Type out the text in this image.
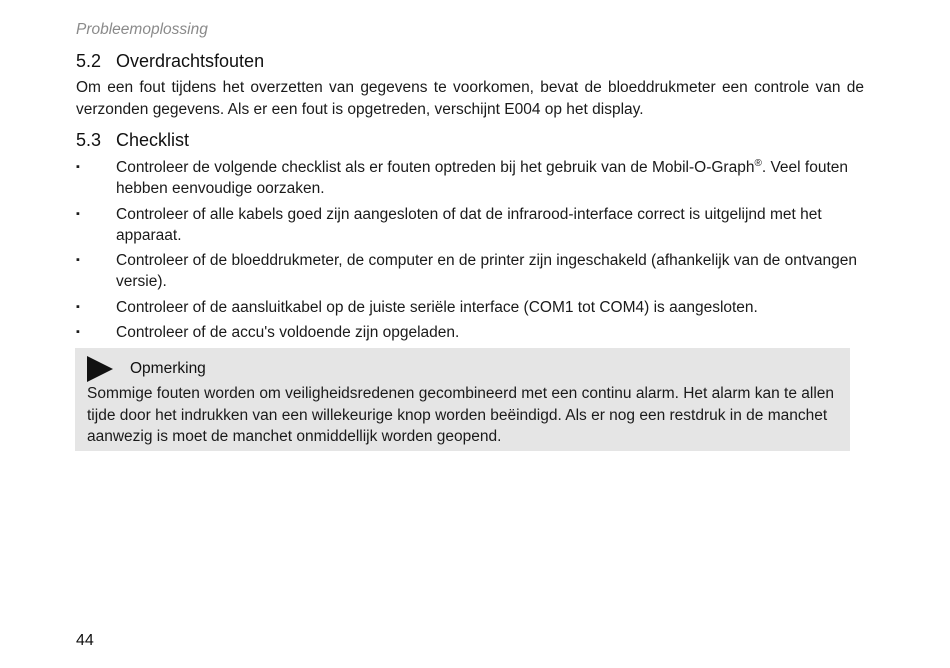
Probleemoplossing
5.2 Overdrachtsfouten
Om een fout tijdens het overzetten van gegevens te voorkomen, bevat de bloeddrukmeter een controle van de verzonden gegevens. Als er een fout is opgetreden, verschijnt E004 op het display.
5.3 Checklist
▪	Controleer de volgende checklist als er fouten optreden bij het gebruik van de Mobil-O-Graph®. Veel fouten hebben eenvoudige oorzaken.
▪	Controleer of alle kabels goed zijn aangesloten of dat de infrarood-interface correct is uitgelijnd met het apparaat.
▪	Controleer of de bloeddrukmeter, de computer en de printer zijn ingeschakeld (afhankelijk van de ontvangen versie).
▪	Controleer of de aansluitkabel op de juiste seriële interface (COM1 tot COM4) is aangesloten.
▪	Controleer of de accu's voldoende zijn opgeladen.
Opmerking
Sommige fouten worden om veiligheidsredenen gecombineerd met een continu alarm. Het alarm kan te allen tijde door het indrukken van een willekeurige knop worden beëindigd. Als er nog een restdruk in de manchet aanwezig is moet de manchet onmiddellijk worden geopend.
44
